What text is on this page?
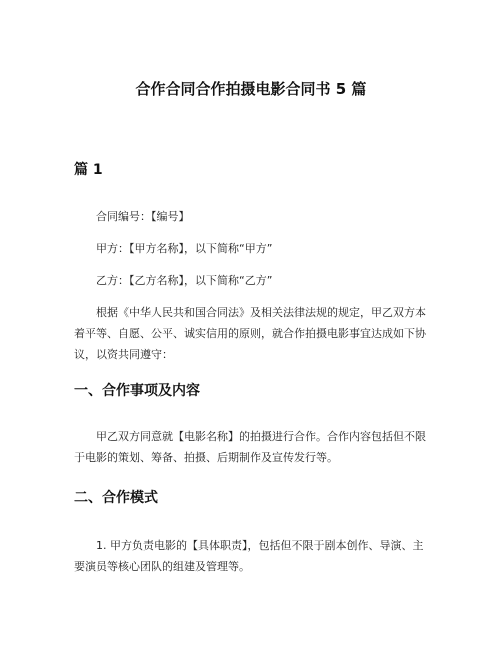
合作合同合作拍摄电影合同书 5 篇
篇 1

合同编号：【编号】

甲方：【甲方名称】，以下简称“甲方”

乙方：【乙方名称】，以下简称“乙方”

根据《中华人民共和国合同法》及相关法律法规的规定，甲乙双方本着平等、自愿、公平、诚实信用的原则，就合作拍摄电影事宜达成如下协议，以资共同遵守：

一、合作事项及内容

甲乙双方同意就【电影名称】的拍摄进行合作。合作内容包括但不限于电影的策划、筹备、拍摄、后期制作及宣传发行等。

二、合作模式

1. 甲方负责电影的【具体职责】，包括但不限于剧本创作、导演、主要演员等核心团队的组建及管理等。
